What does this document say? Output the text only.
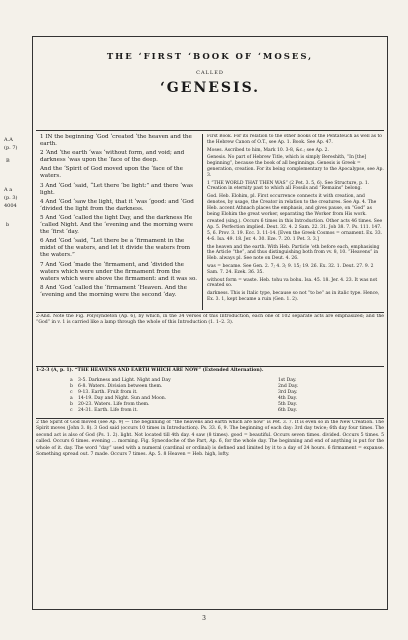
THE ‘FIRST ‘BOOK OF ‘MOSES,
CALLED
‘GENESIS.
A.A
(p. 7)
B
A a
(p. 3)
4004
b

1 IN the beginning ‘God ‘created ‘the heaven and the earth.

2 ‘And ‘the earth ‘was ‘without form, and void; and darkness ‘was upon the ‘face of the deep.

And the ‘Spirit of God moved upon the ‘face of the waters.

3 And ‘God ‘said, “Let there ‘be light:” and there ‘was light.

4 And ‘God ‘saw the light, that it ‘was ‘good: and ‘God ‘divided the light from the darkness.

5 And ‘God ‘called the light Day, and the darkness He ‘called Night. And the ‘evening and the morning were the ‘first ‘day.

6 And ‘God ‘said, “Let there be a ‘firmament in the midst of the waters, and let it divide the waters from the waters.”

7 And ‘God ‘made the ‘firmament, and ‘divided the waters which were under the firmament from the waters which were above the firmament: and it was so.

8 And ‘God ‘called the ‘firmament ‘Heaven. And the ‘evening and the morning were the second ‘day.

First Book. For its relation to the other books of the Pentateuch as well as to the Hebrew Canon of O.T., see Ap. 1. Book. See Ap. 47.

Moses. Ascribed to him, Mark 10. 3-8, &c.; see Ap. 2.

Genesis. No part of Hebrew Title, which is simply Bereshith, “In [the] beginning”, because the book of all beginnings. Genesis is Greek = generation, creation. For its being complementary to the Apocalypse, see Ap. 3.

1 “THE WORLD THAT THEN WAS” (2 Pet. 3. 5, 6). See Structure, p. 1. Creation in eternity past to which all Fossils and “Remains” belong.

God. Heb. Elohim, pl. First occurrence connects it with creation, and denotes, by usage, the Creator in relation to the creatures. See Ap. 4. The Heb. accent Athnach places the emphasis, and gives pause, on “God” as being Elohim the great worker, separating the Worker from His work.

created (sing.). Occurs 6 times in this Introduction. Other acts 46 times. See Ap. 5. Perfection implied. Deut. 32. 4. 2 Sam. 22. 31. Job 38. 7. Ps. 111. 147. 5, 6. Prov. 3. 19. Ecc. 3. 11-14. [Even the Greek Cosmos = ornament. Ex. 33. 4-6. Isa. 49. 18. Jer. 4. 30. Eze. 7. 20. 1 Pet. 3. 3.]

the heaven and the earth. With Heb. Particle ‘eth before each, emphasising the Article “the”, and thus distinguishing both from vv. 8, 10. “Heavens” in Heb. always pl. See note on Deut. 4. 26.

was = became. See Gen. 2. 7; 4. 3; 9. 15; 19. 26. Ex. 32. 1. Deut. 27. 9. 2 Sam. 7. 24. Ezek. 36. 35.

without form = waste. Heb. tohu va bohu. Isa. 45. 18. Jer. 4. 23. It was not created so.

darkness. This is Italic type, because so not “to be” as in italic type. Hence, Ex. 3. 1, kept became a ruin (Gen. 1. 2).

2-And. Note the Fig. Polysyndeton (Ap. 6), by which, in the 34 verses of this Introduction, each one of 102 separate acts are emphasized; and the “God” in v. 1 is carried like a lamp through the whole of this Introduction (1. 1–2. 3).
1-2-3 (A, p. 1). “THE HEAVENS AND EARTH WHICH ARE NOW” (Extended Alternation).
a	3-5. Darkness and Light. Night and Day	1st Day.
b	6-8. Waters. Division between them.	2nd Day.
c	9-13. Earth. Fruit from it.	3rd Day.
a	14-19. Day and Night. Sun and Moon.	4th Day.
b	20-23. Waters. Life from them.	5th Day.
c	24-31. Earth. Life from it.	6th Day.
2 the Spirit of God moved (see Ap. 9) — The beginning of “the heavens and earth which are now” is Pet. 3. 7. It is even so in the New Creation. The Spirit moves (John 3. 8). 3 God said (occurs 10 times in Introduction). Ps. 33. 6, 9. The beginning of each day: 3rd day twice; 6th day four times. The second act is also of God (Ps. 1. 2). light. Not located till 4th day. 4 saw (8 times). good = beautiful. Occurs seven times. divided. Occurs 5 times. 5 called. Occurs 6 times. evening … morning. Fig. Synecdoche of the Part, Ap. 6, for the whole day. The beginning and end of anything is put for the whole of it. day. The word “day” used with a numeral (cardinal or ordinal) is defined and limited by it to a day of 24 hours. 6 firmament = expanse. Something spread out. 7 made. Occurs 7 times. Ap. 5. 8 Heaven = Heb. high, lofty.
3
